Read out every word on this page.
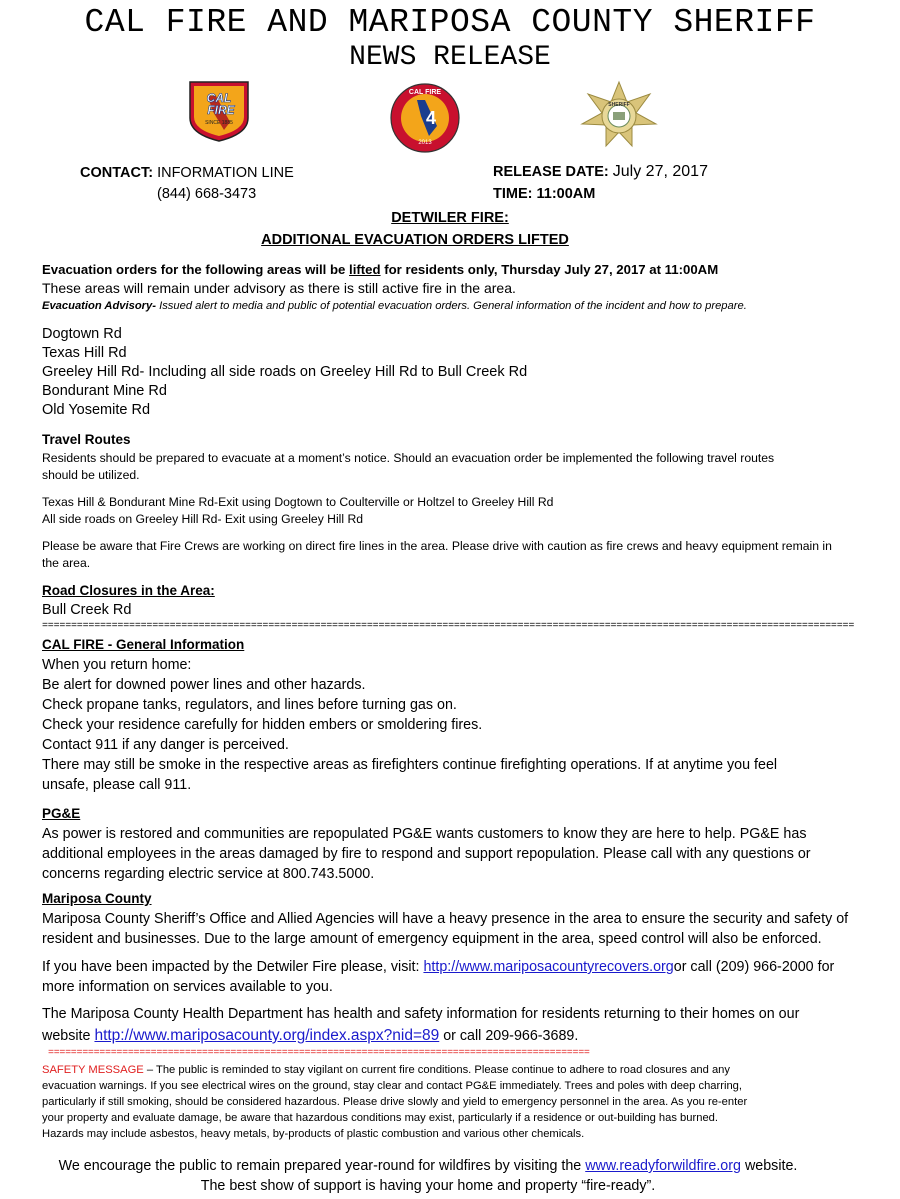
CAL FIRE AND MARIPOSA COUNTY SHERIFF
NEWS RELEASE
CAL
FIRE
SINCE 1885
CAL FIRE
4
2013
SHERIFF
CONTACT: INFORMATION LINE
(844) 668-3473
RELEASE DATE: July 27, 2017
TIME: 11:00AM
DETWILER FIRE:
ADDITIONAL EVACUATION ORDERS LIFTED
Evacuation orders for the following areas will be lifted for residents only, Thursday July 27, 2017 at 11:00AM
These areas will remain under advisory as there is still active fire in the area.
Evacuation Advisory- Issued alert to media and public of potential evacuation orders. General information of the incident and how to prepare.
Dogtown Rd
Texas Hill Rd
Greeley Hill Rd- Including all side roads on Greeley Hill Rd to Bull Creek Rd
Bondurant Mine Rd
Old Yosemite Rd
Travel Routes
Residents should be prepared to evacuate at a moment’s notice. Should an evacuation order be implemented the following travel routes
should be utilized.
Texas Hill & Bondurant Mine Rd-Exit using Dogtown to Coulterville or Holtzel to Greeley Hill Rd
All side roads on Greeley Hill Rd- Exit using Greeley Hill Rd
Please be aware that Fire Crews are working on direct fire lines in the area. Please drive with caution as fire crews and heavy equipment remain in
the area.
Road Closures in the Area:
Bull Creek Rd
============================================================================================================================================
CAL FIRE - General Information
When you return home:
Be alert for downed power lines and other hazards.
Check propane tanks, regulators, and lines before turning gas on.
Check your residence carefully for hidden embers or smoldering fires.
Contact 911 if any danger is perceived.
There may still be smoke in the respective areas as firefighters continue firefighting operations. If at anytime you feel
unsafe, please call 911.
PG&E
As power is restored and communities are repopulated PG&E wants customers to know they are here to help. PG&E has
additional employees in the areas damaged by fire to respond and support repopulation. Please call with any questions or
concerns regarding electric service at 800.743.5000.
Mariposa County
Mariposa County Sheriff’s Office and Allied Agencies will have a heavy presence in the area to ensure the security and safety of
resident and businesses. Due to the large amount of emergency equipment in the area, speed control will also be enforced.
If you have been impacted by the Detwiler Fire please, visit: http://www.mariposacountyrecovers.orgor call (209) 966-2000 for
more information on services available to you.
The Mariposa County Health Department has health and safety information for residents returning to their homes on our
website http://www.mariposacounty.org/index.aspx?nid=89 or call 209-966-3689.
===============================================================================================
SAFETY MESSAGE – The public is reminded to stay vigilant on current fire conditions. Please continue to adhere to road closures and any
evacuation warnings. If you see electrical wires on the ground, stay clear and contact PG&E immediately. Trees and poles with deep charring,
particularly if still smoking, should be considered hazardous. Please drive slowly and yield to emergency personnel in the area. As you re-enter
your property and evaluate damage, be aware that hazardous conditions may exist, particularly if a residence or out-building has burned.
Hazards may include asbestos, heavy metals, by-products of plastic combustion and various other chemicals.
We encourage the public to remain prepared year-round for wildfires by visiting the www.readyforwildfire.org website.
The best show of support is having your home and property “fire-ready”.
